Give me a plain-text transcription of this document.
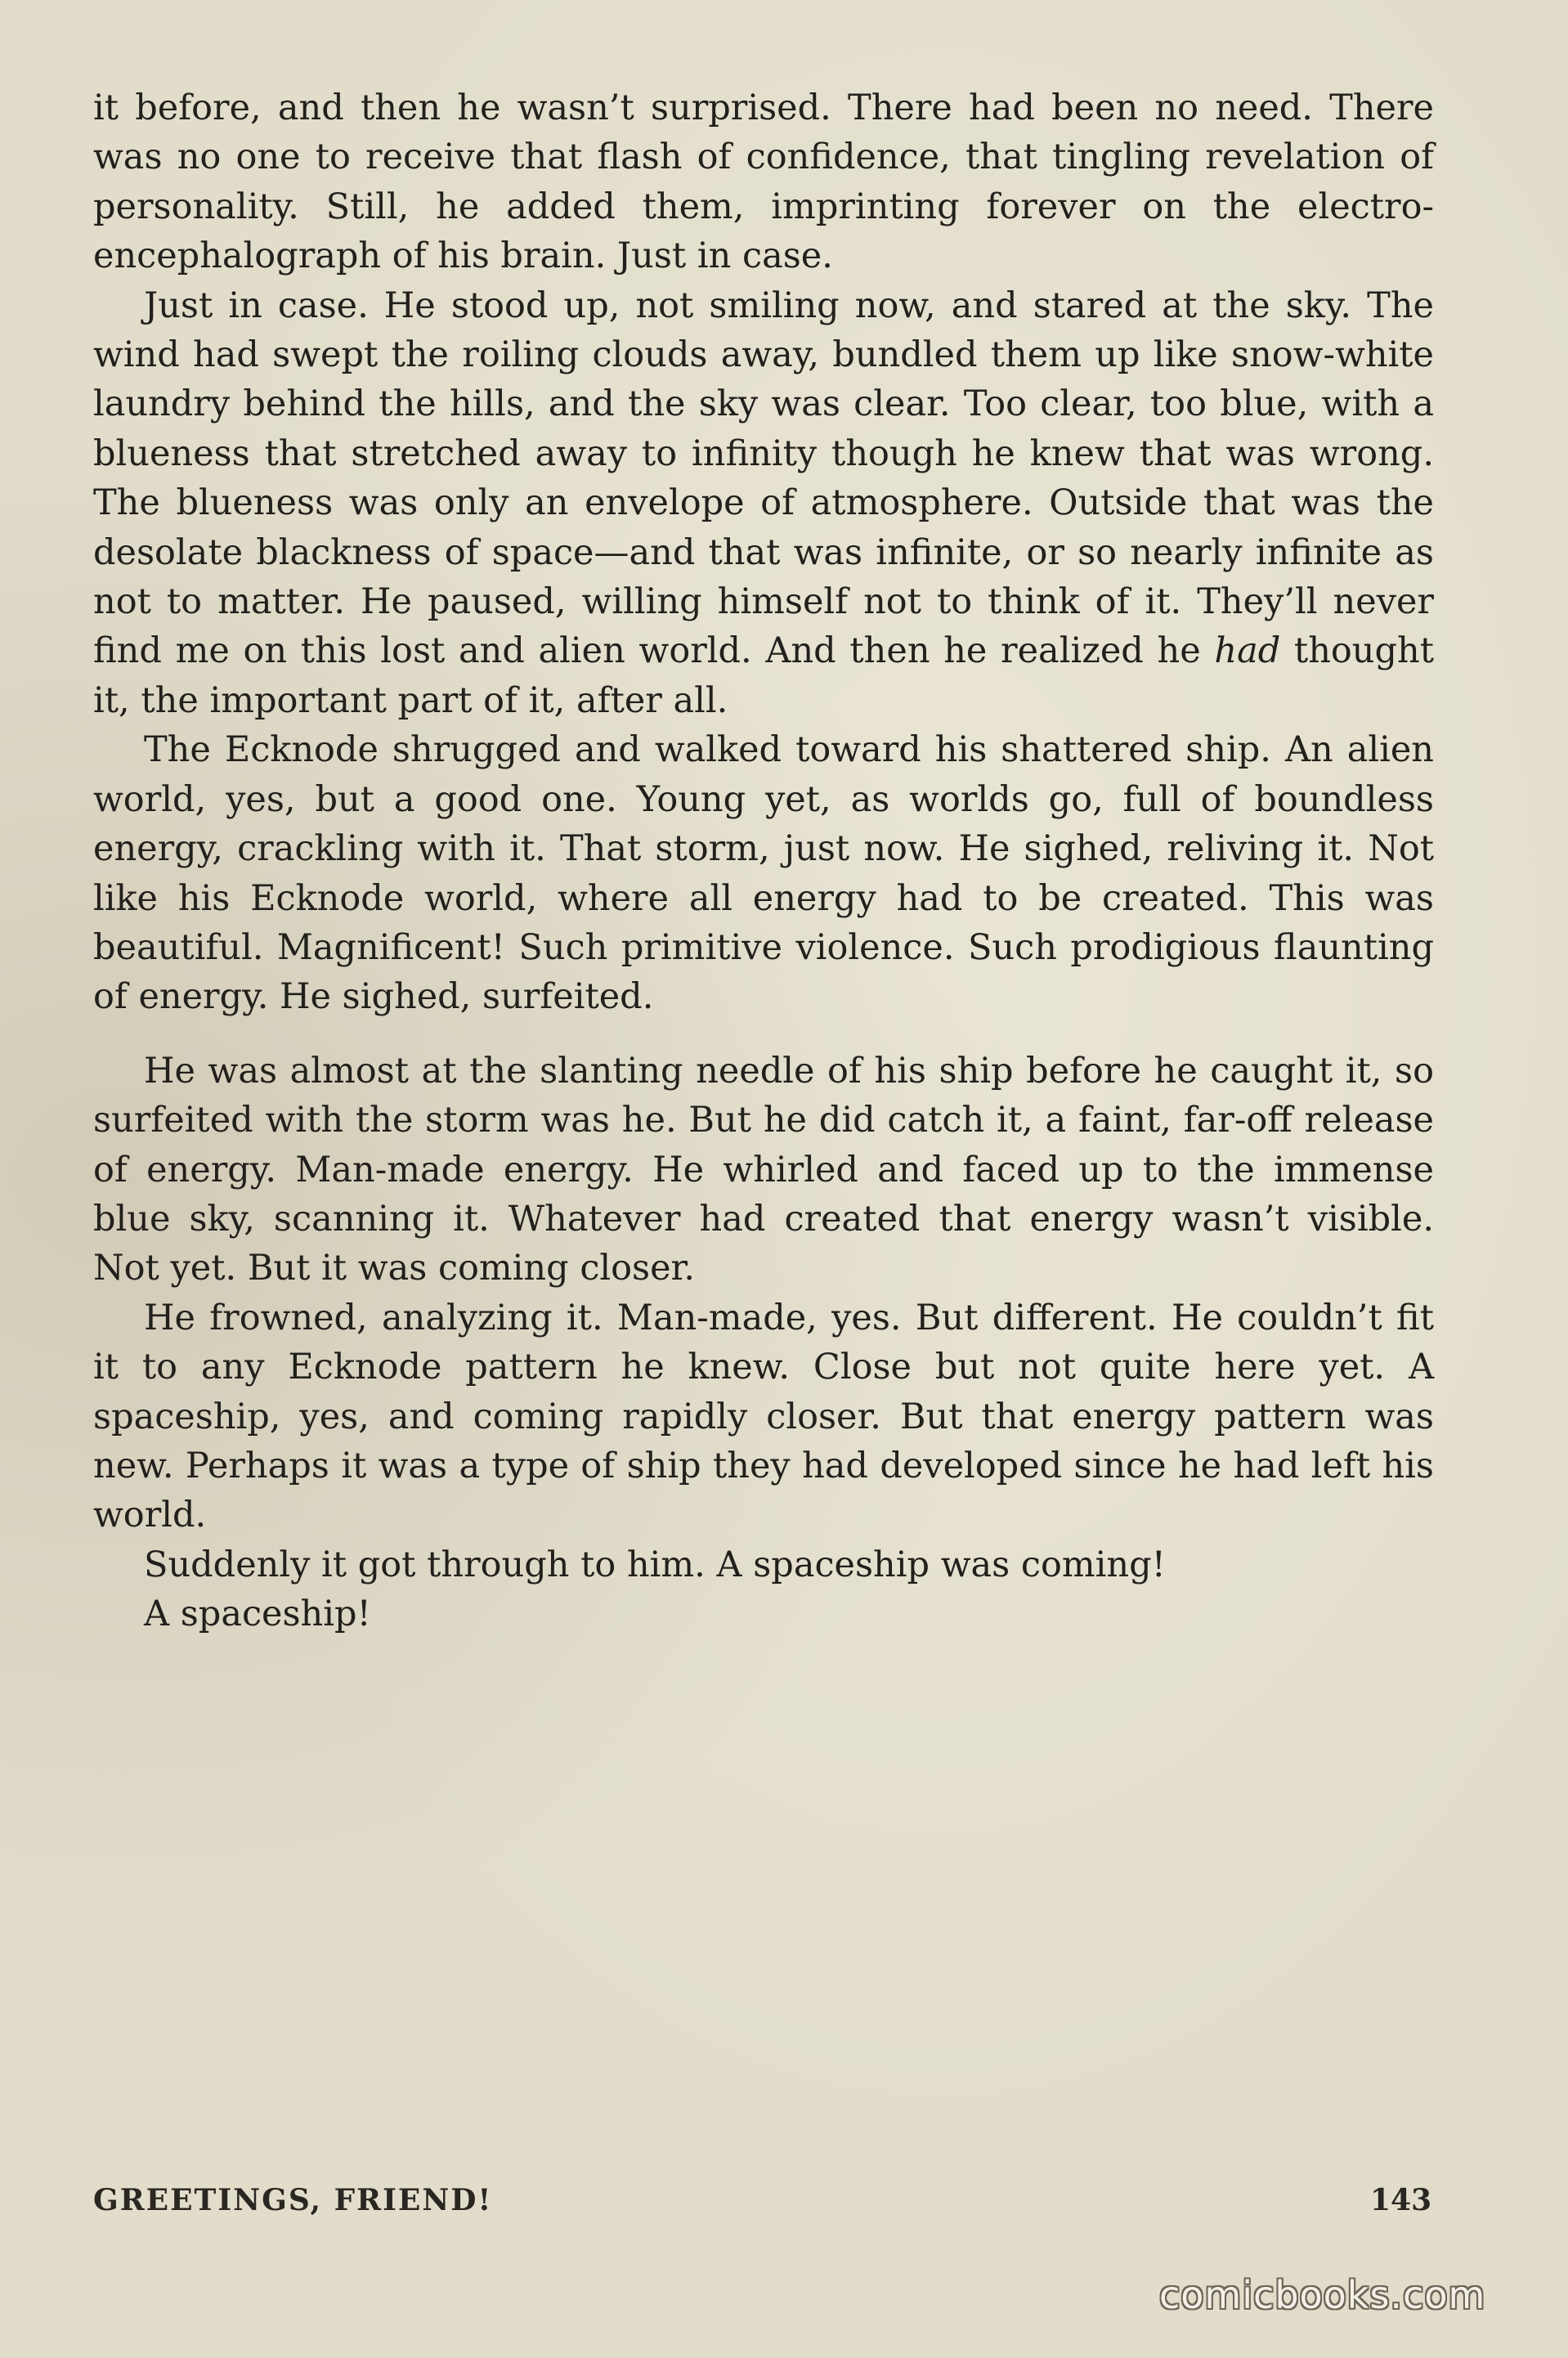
it before, and then he wasn’t surprised. There had been no need. There was no one to receive that flash of confidence, that tingling revelation of personality. Still, he added them, imprinting forever on the electro-encephalograph of his brain. Just in case.

Just in case. He stood up, not smiling now, and stared at the sky. The wind had swept the roiling clouds away, bundled them up like snow-white laundry behind the hills, and the sky was clear. Too clear, too blue, with a blueness that stretched away to infinity though he knew that was wrong. The blueness was only an envelope of atmosphere. Outside that was the desolate blackness of space—and that was infinite, or so nearly infinite as not to matter. He paused, willing himself not to think of it. They’ll never find me on this lost and alien world. And then he realized he had thought it, the important part of it, after all.

The Ecknode shrugged and walked toward his shattered ship. An alien world, yes, but a good one. Young yet, as worlds go, full of boundless energy, crackling with it. That storm, just now. He sighed, reliving it. Not like his Ecknode world, where all energy had to be created. This was beautiful. Magnificent! Such primitive violence. Such prodigious flaunting of energy. He sighed, surfeited.

He was almost at the slanting needle of his ship before he caught it, so surfeited with the storm was he. But he did catch it, a faint, far-off release of energy. Man-made energy. He whirled and faced up to the immense blue sky, scanning it. Whatever had created that energy wasn’t visible. Not yet. But it was coming closer.

He frowned, analyzing it. Man-made, yes. But different. He couldn’t fit it to any Ecknode pattern he knew. Close but not quite here yet. A spaceship, yes, and coming rapidly closer. But that energy pattern was new. Perhaps it was a type of ship they had developed since he had left his world.

Suddenly it got through to him. A spaceship was coming!

A spaceship!

GREETINGS, FRIEND!	143
comicbooks.com
